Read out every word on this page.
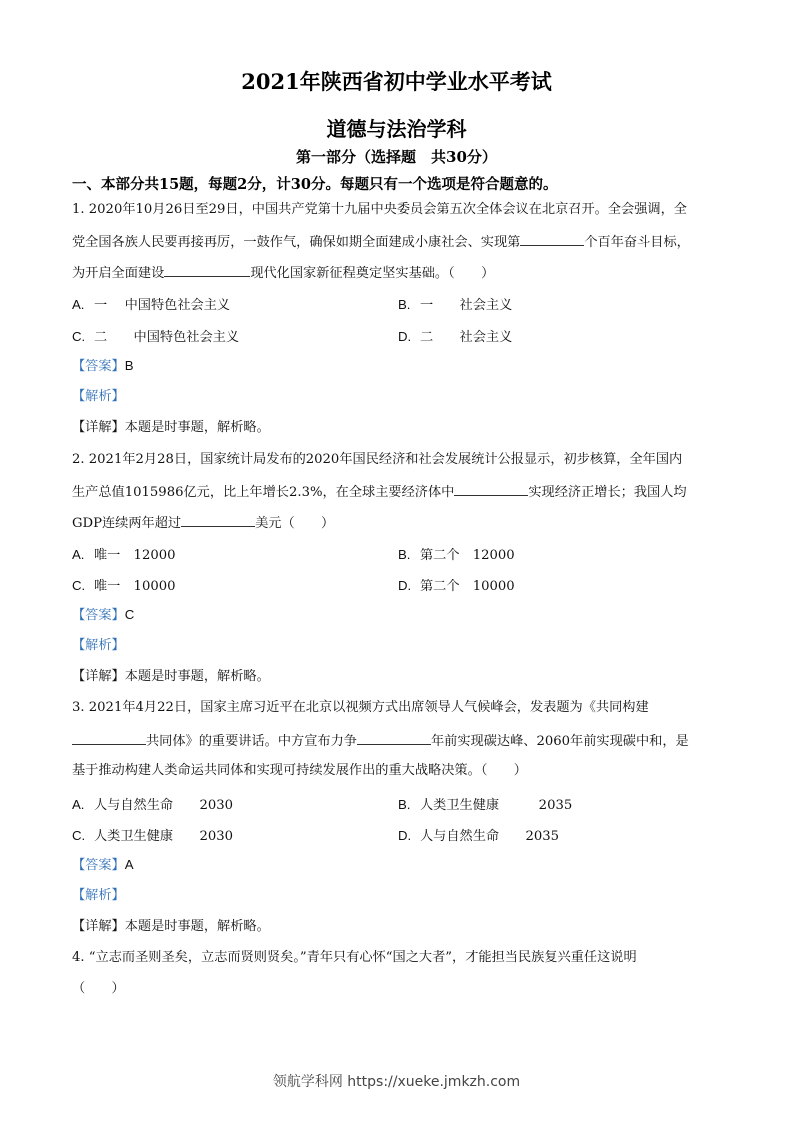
2021年陕西省初中学业水平考试
道德与法治学科
第一部分（选择题　共30分）
一、本部分共15题，每题2分，计30分。每题只有一个选项是符合题意的。
1. 2020年10月26日至29日，中国共产党第十九届中央委员会第五次全体会议在北京召开。全会强调，全
党全国各族人民要再接再厉，一鼓作气，确保如期全面建成小康社会、实现第	个百年奋斗目标，
为开启全面建设	现代化国家新征程奠定坚实基础。（　　）
A. 一　 中国特色社会主义	B. 一　　社会主义
C. 二　　中国特色社会主义	D. 二　　社会主义
【答案】B
【解析】
【详解】本题是时事题，解析略。
2. 2021年2月28日，国家统计局发布的2020年国民经济和社会发展统计公报显示，初步核算，全年国内
生产总值1015986亿元，比上年增长2.3%，在全球主要经济体中	实现经济正增长；我国人均
GDP连续两年超过	美元（　　）
A. 唯一　12000	B. 第二个　12000
C. 唯一　10000	D. 第二个　10000
【答案】C
【解析】
【详解】本题是时事题，解析略。
3. 2021年4月22日，国家主席习近平在北京以视频方式出席领导人气候峰会，发表题为《共同构建
共同体》的重要讲话。中方宣布力争	年前实现碳达峰、2060年前实现碳中和，是
基于推动构建人类命运共同体和实现可持续发展作出的重大战略决策。（　　）
A. 人与自然生命　　2030	B. 人类卫生健康　　　2035
C. 人类卫生健康　　2030	D. 人与自然生命　　2035
【答案】A
【解析】
【详解】本题是时事题，解析略。
4. “立志而圣则圣矣，立志而贤则贤矣。”青年只有心怀“国之大者”，才能担当民族复兴重任这说明
（　　）
领航学科网 https://xueke.jmkzh.com
